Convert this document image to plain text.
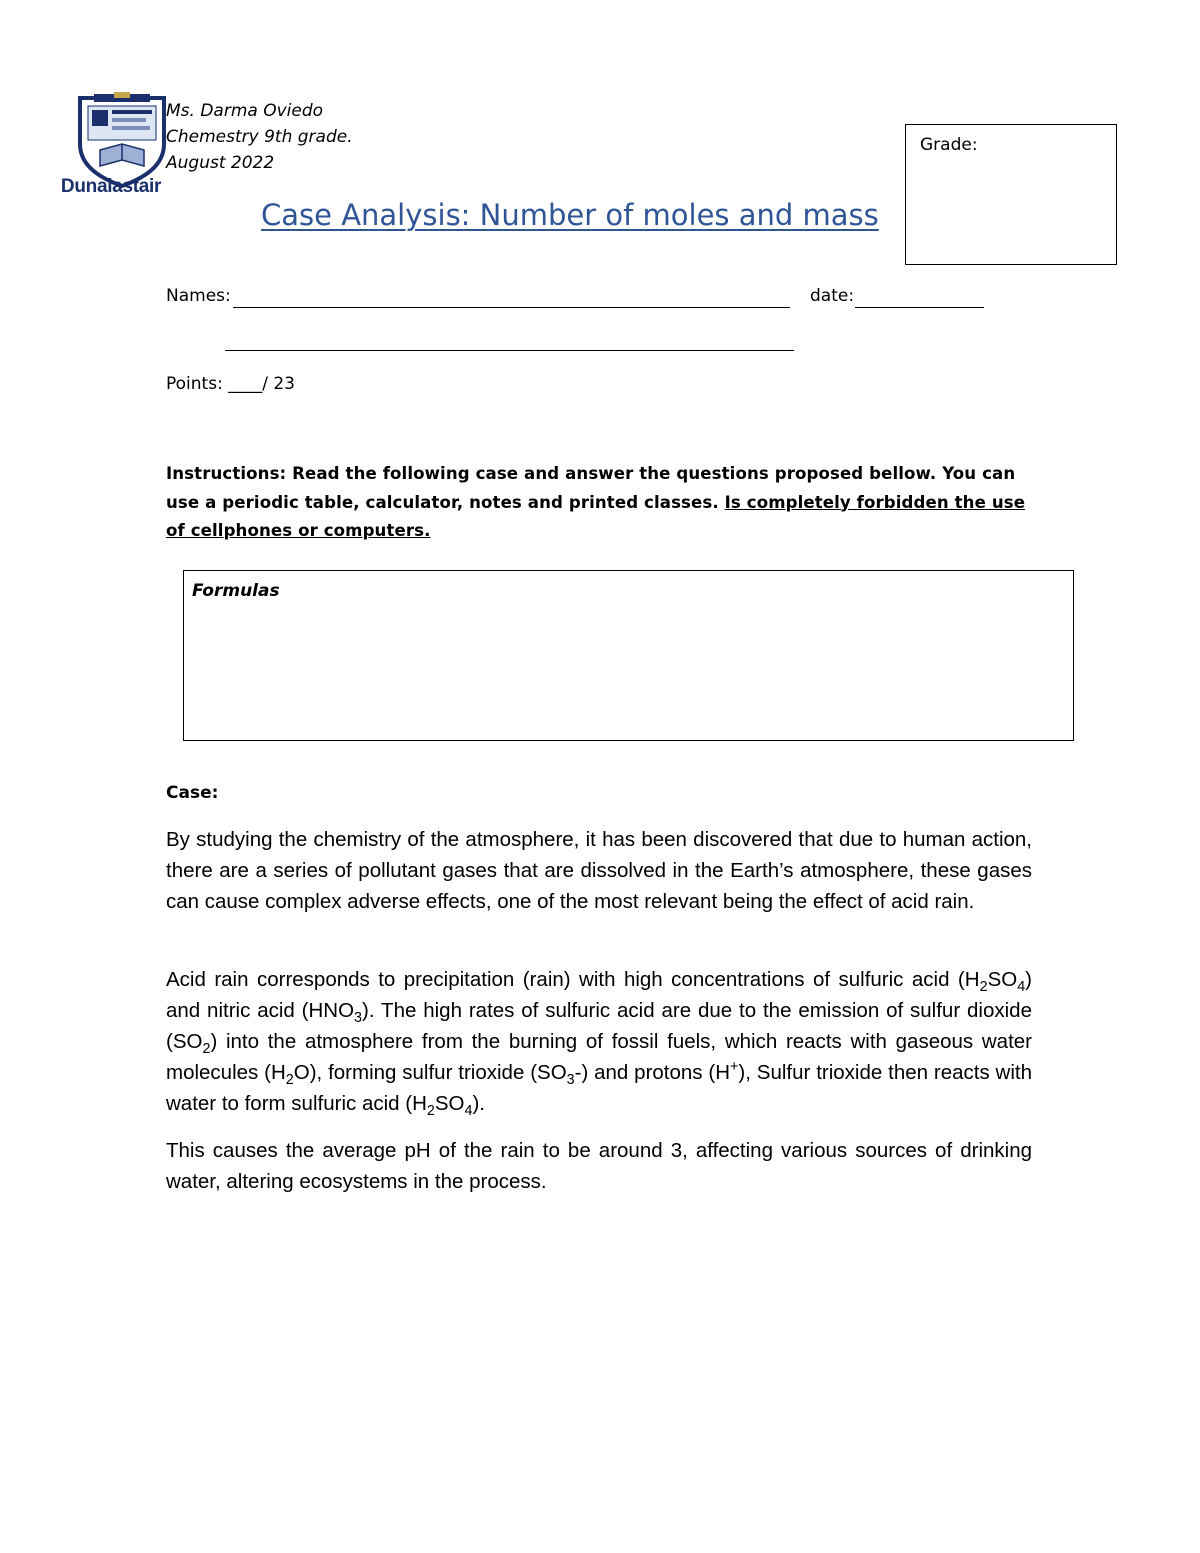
Dunalastair
Ms. Darma Oviedo
Chemestry 9th grade.
August 2022
Case Analysis: Number of moles and mass
Grade:
Names:	date:
Points: ____/ 23
Instructions: Read the following case and answer the questions proposed bellow. You can use a periodic table, calculator, notes and printed classes. Is completely forbidden the use of cellphones or computers.
Formulas
Case:

By studying the chemistry of the atmosphere, it has been discovered that due to human action, there are a series of pollutant gases that are dissolved in the Earth’s atmosphere, these gases can cause complex adverse effects, one of the most relevant being the effect of acid rain.

Acid rain corresponds to precipitation (rain) with high concentrations of sulfuric acid $(H_2SO_4)$ and nitric acid $(HNO_3)$. The high rates of sulfuric acid are due to the emission of sulfur dioxide $(SO_2)$ into the atmosphere from the burning of fossil fuels, which reacts with gaseous water molecules $(H_2O)$, forming sulfur trioxide $(SO_3-)$ and protons (H+), Sulfur trioxide then reacts with water to form sulfuric acid $(H_2SO_4)$.

This causes the average pH of the rain to be around 3, affecting various sources of drinking water, altering ecosystems in the process.
